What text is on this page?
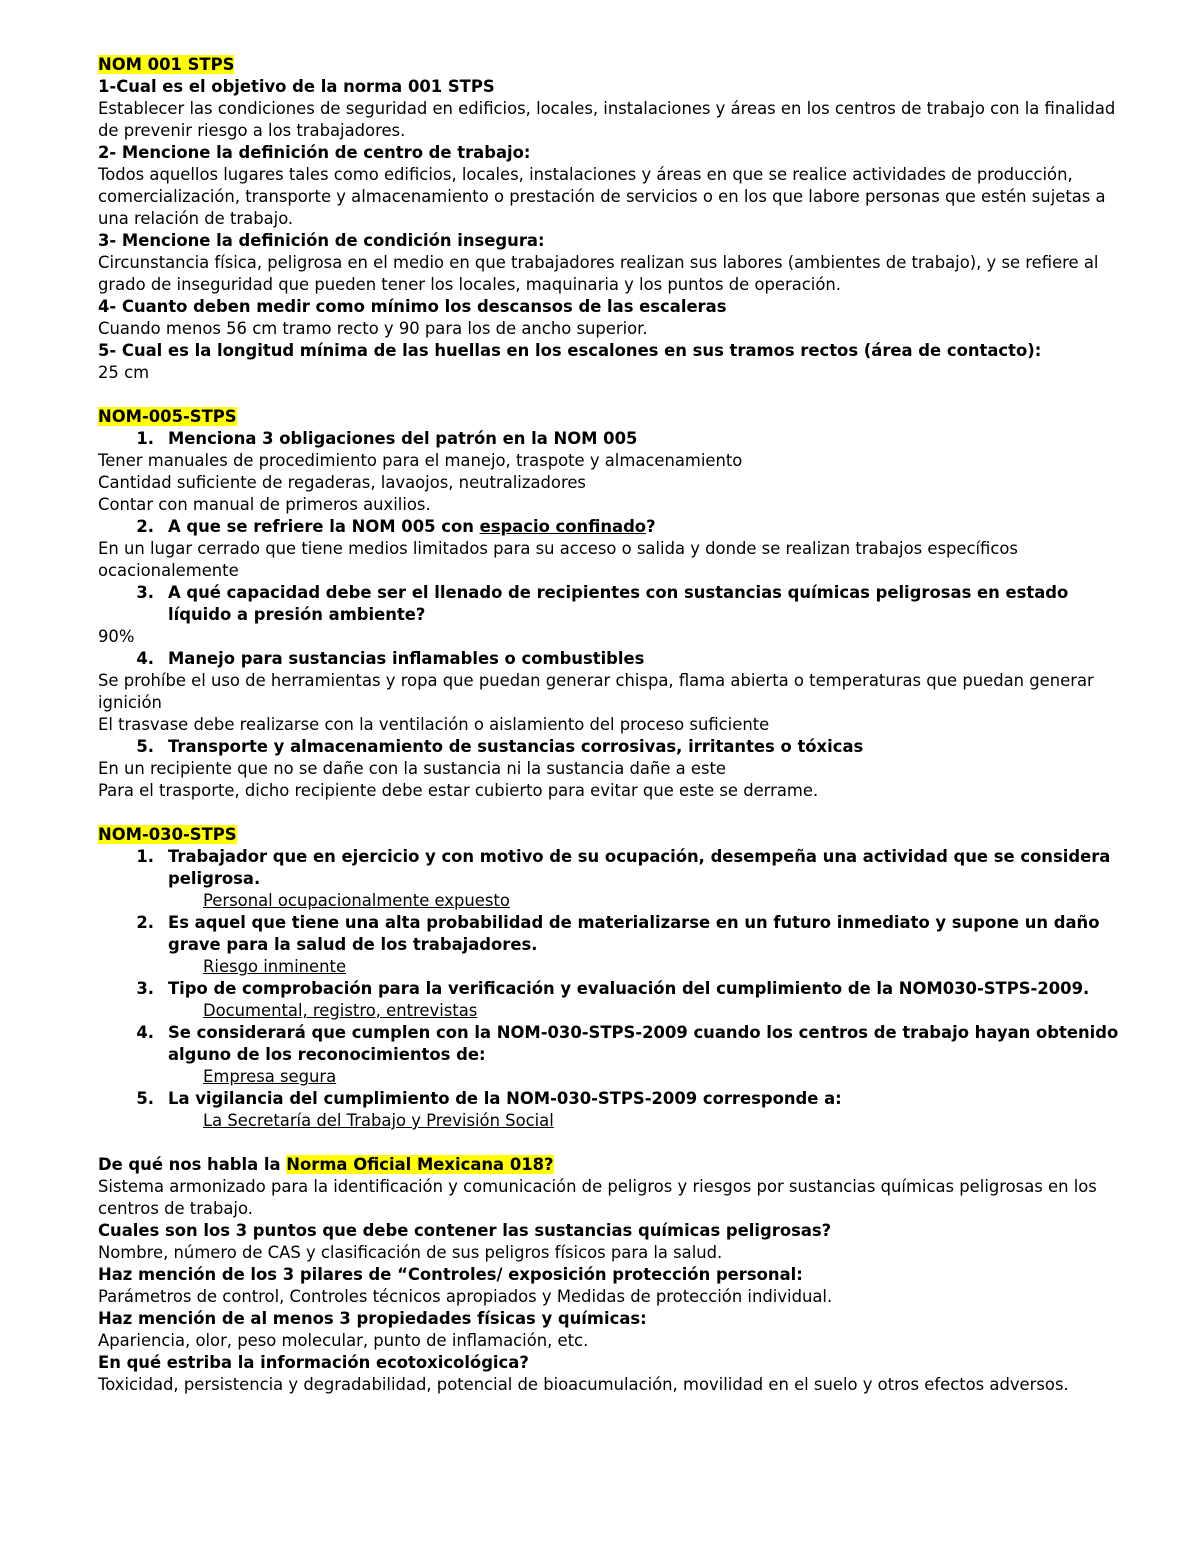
NOM 001 STPS

1-Cual es el objetivo de la norma 001 STPS

Establecer las condiciones de seguridad en edificios, locales, instalaciones y áreas en los centros de trabajo con la finalidad de prevenir riesgo a los trabajadores.

2- Mencione la definición de centro de trabajo:

Todos aquellos lugares tales como edificios, locales, instalaciones y áreas en que se realice actividades de producción, comercialización, transporte y almacenamiento o prestación de servicios o en los que labore personas que estén sujetas a una relación de trabajo.

3- Mencione la definición de condición insegura:

Circunstancia física, peligrosa en el medio en que trabajadores realizan sus labores (ambientes de trabajo), y se refiere al grado de inseguridad que pueden tener los locales, maquinaria y los puntos de operación.

4- Cuanto deben medir como mínimo los descansos de las escaleras

Cuando menos 56 cm tramo recto y 90 para los de ancho superior.

5- Cual es la longitud mínima de las huellas en los escalones en sus tramos rectos (área de contacto):

25 cm

NOM-005-STPS

1. Menciona 3 obligaciones del patrón en la NOM 005

Tener manuales de procedimiento para el manejo, traspote y almacenamiento

Cantidad suficiente de regaderas, lavaojos, neutralizadores

Contar con manual de primeros auxilios.

2. A que se refriere la NOM 005 con espacio confinado?

En un lugar cerrado que tiene medios limitados para su acceso o salida y donde se realizan trabajos específicos ocacionalemente

3. A qué capacidad debe ser el llenado de recipientes con sustancias químicas peligrosas en estado líquido a presión ambiente?

90%

4. Manejo para sustancias inflamables o combustibles

Se prohíbe el uso de herramientas y ropa que puedan generar chispa, flama abierta o temperaturas que puedan generar ignición

El trasvase debe realizarse con la ventilación o aislamiento del proceso suficiente

5. Transporte y almacenamiento de sustancias corrosivas, irritantes o tóxicas

En un recipiente que no se dañe con la sustancia ni la sustancia dañe a este

Para el trasporte, dicho recipiente debe estar cubierto para evitar que este se derrame.

NOM-030-STPS

1. Trabajador que en ejercicio y con motivo de su ocupación, desempeña una actividad que se considera peligrosa.

Personal ocupacionalmente expuesto

2. Es aquel que tiene una alta probabilidad de materializarse en un futuro inmediato y supone un daño grave para la salud de los trabajadores.

Riesgo inminente

3. Tipo de comprobación para la verificación y evaluación del cumplimiento de la NOM030-STPS-2009.

Documental, registro, entrevistas

4. Se considerará que cumplen con la NOM-030-STPS-2009 cuando los centros de trabajo hayan obtenido alguno de los reconocimientos de:

Empresa segura

5. La vigilancia del cumplimiento de la NOM-030-STPS-2009 corresponde a:

La Secretaría del Trabajo y Previsión Social

De qué nos habla la Norma Oficial Mexicana 018?

Sistema armonizado para la identificación y comunicación de peligros y riesgos por sustancias químicas peligrosas en los centros de trabajo.

Cuales son los 3 puntos que debe contener las sustancias químicas peligrosas?

Nombre, número de CAS y clasificación de sus peligros físicos para la salud.

Haz mención de los 3 pilares de “Controles/ exposición protección personal:

Parámetros de control, Controles técnicos apropiados y Medidas de protección individual.

Haz mención de al menos 3 propiedades físicas y químicas:

Apariencia, olor, peso molecular, punto de inflamación, etc.

En qué estriba la información ecotoxicológica?

Toxicidad, persistencia y degradabilidad, potencial de bioacumulación, movilidad en el suelo y otros efectos adversos.
